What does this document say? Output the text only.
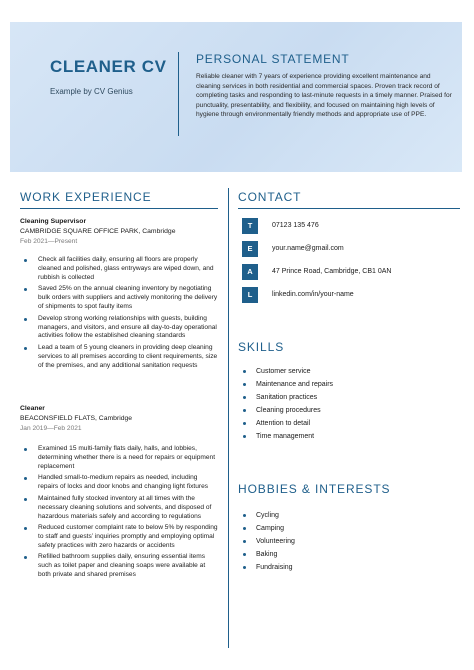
CLEANER CV
Example by CV Genius
PERSONAL STATEMENT
Reliable cleaner with 7 years of experience providing excellent maintenance and cleaning services in both residential and commercial spaces. Proven track record of completing tasks and responding to last-minute requests in a timely manner. Praised for punctuality, presentability, and flexibility, and focused on maintaining high levels of hygiene through environmentally friendly methods and appropriate use of PPE.
WORK EXPERIENCE
Cleaning Supervisor
CAMBRIDGE SQUARE OFFICE PARK, Cambridge
Feb 2021—Present
Check all facilities daily, ensuring all floors are properly cleaned and polished, glass entryways are wiped down, and rubbish is collected
Saved 25% on the annual cleaning inventory by negotiating bulk orders with suppliers and actively monitoring the delivery of shipments to spot faulty items
Develop strong working relationships with guests, building managers, and visitors, and ensure all day-to-day operational activities follow the established cleaning standards
Lead a team of 5 young cleaners in providing deep cleaning services to all premises according to client requirements, size of the premises, and any additional sanitation requests
Cleaner
BEACONSFIELD FLATS, Cambridge
Jan 2019—Feb 2021
Examined 15 multi-family flats daily, halls, and lobbies, determining whether there is a need for repairs or equipment replacement
Handled small-to-medium repairs as needed, including repairs of locks and door knobs and changing light fixtures
Maintained fully stocked inventory at all times with the necessary cleaning solutions and solvents, and disposed of hazardous materials safely and according to regulations
Reduced customer complaint rate to below 5% by responding to staff and guests’ inquiries promptly and employing optimal safety practices with zero hazards or accidents
Refilled bathroom supplies daily, ensuring essential items such as toilet paper and cleaning soaps were available at both private and shared premises
CONTACT
T	07123 135 476
E	your.name@gmail.com
A	47 Prince Road, Cambridge, CB1 0AN
L	linkedin.com/in/your-name
SKILLS
Customer service
Maintenance and repairs
Sanitation practices
Cleaning procedures
Attention to detail
Time management
HOBBIES & INTERESTS
Cycling
Camping
Volunteering
Baking
Fundraising
